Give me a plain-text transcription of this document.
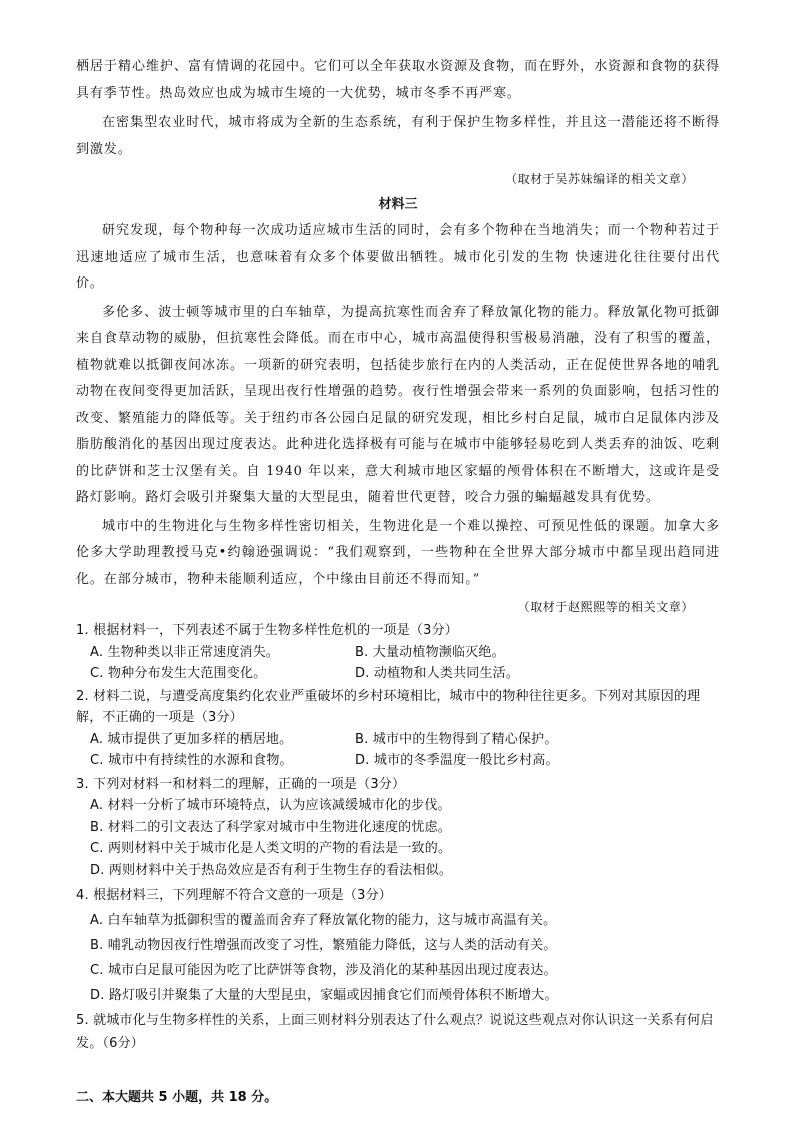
栖居于精心维护、富有情调的花园中。它们可以全年获取水资源及食物，而在野外，水资源和食物的获得具有季节性。热岛效应也成为城市生境的一大优势，城市冬季不再严寒。

在密集型农业时代，城市将成为全新的生态系统，有利于保护生物多样性，并且这一潜能还将不断得到激发。

（取材于吴苏妹编译的相关文章）
材料三

研究发现，每个物种每一次成功适应城市生活的同时，会有多个物种在当地消失；而一个物种若过于迅速地适应了城市生活，也意味着有众多个体要做出牺牲。城市化引发的生物 快速进化往往要付出代价。

多伦多、波士顿等城市里的白车轴草，为提高抗寒性而舍弃了释放氰化物的能力。释放氰化物可抵御来自食草动物的威胁，但抗寒性会降低。而在市中心，城市高温使得积雪极易消融，没有了积雪的覆盖，植物就难以抵御夜间冰冻。一项新的研究表明，包括徒步旅行在内的人类活动，正在促使世界各地的哺乳动物在夜间变得更加活跃，呈现出夜行性增强的趋势。夜行性增强会带来一系列的负面影响，包括习性的改变、繁殖能力的降低等。关于纽约市各公园白足鼠的研究发现，相比乡村白足鼠，城市白足鼠体内涉及脂肪酸消化的基因出现过度表达。此种进化选择极有可能与在城市中能够轻易吃到人类丢弃的油饭、吃剩的比萨饼和芝士汉堡有关。自 1940 年以来，意大利城市地区家蝠的颅骨体积在不断增大，这或许是受路灯影响。路灯会吸引并聚集大量的大型昆虫，随着世代更替，咬合力强的蝙蝠越发具有优势。

城市中的生物进化与生物多样性密切相关，生物进化是一个难以操控、可预见性低的课题。加拿大多伦多大学助理教授马克•约翰逊强调说：“我们观察到，一些物种在全世界大部分城市中都呈现出趋同进化。在部分城市，物种未能顺利适应，个中缘由目前还不得而知。”

（取材于赵熙熙等的相关文章）
1. 根据材料一，下列表述不属于生物多样性危机的一项是（3分）
A. 生物种类以非正常速度消失。	B. 大量动植物濒临灭绝。
C. 物种分布发生大范围变化。	D. 动植物和人类共同生活。
2. 材料二说，与遭受高度集约化农业严重破坏的乡村环境相比，城市中的物种往往更多。下列对其原因的理解，不正确的一项是（3分）
A. 城市提供了更加多样的栖居地。	B. 城市中的生物得到了精心保护。
C. 城市中有持续性的水源和食物。	D. 城市的冬季温度一般比乡村高。
3. 下列对材料一和材料二的理解，正确的一项是（3分）
A. 材料一分析了城市环境特点，认为应该减缓城市化的步伐。
B. 材料二的引文表达了科学家对城市中生物进化速度的忧虑。
C. 两则材料中关于城市化是人类文明的产物的看法是一致的。
D. 两则材料中关于热岛效应是否有利于生物生存的看法相似。
4. 根据材料三，下列理解不符合文意的一项是（3分）
A. 白车轴草为抵御积雪的覆盖而舍弃了释放氰化物的能力，这与城市高温有关。
B. 哺乳动物因夜行性增强而改变了习性，繁殖能力降低，这与人类的活动有关。
C. 城市白足鼠可能因为吃了比萨饼等食物，涉及消化的某种基因出现过度表达。
D. 路灯吸引并聚集了大量的大型昆虫，家蝠或因捕食它们而颅骨体积不断增大。
5. 就城市化与生物多样性的关系，上面三则材料分别表达了什么观点？说说这些观点对你认识这一关系有何启发。（6分）
二、本大题共 5 小题，共 18 分。
